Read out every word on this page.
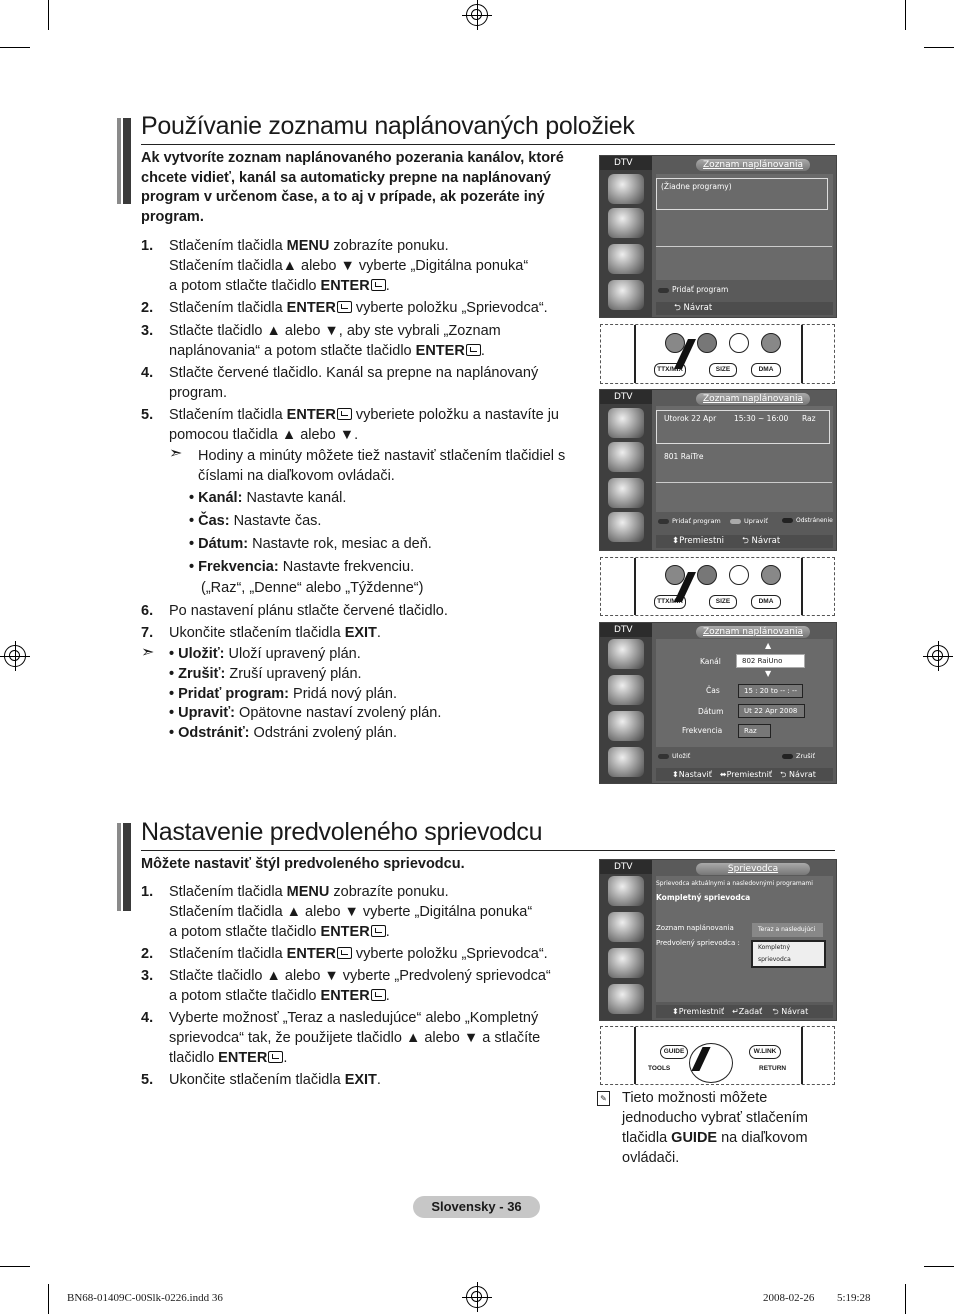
Používanie zoznamu naplánovaných položiek
Ak vytvoríte zoznam naplánovaného pozerania kanálov, ktoré
chcete vidieť, kanál sa automaticky prepne na naplánovaný
program v určenom čase, a to aj v prípade, ak pozeráte iný
program.
1. Stlačením tlačidla MENU zobrazíte ponuku.
Stlačením tlačidla▲ alebo ▼ vyberte „Digitálna ponuka“
a potom stlačte tlačidlo ENTER .
2. Stlačením tlačidla ENTER vyberte položku „Sprievodca“.
3. Stlačte tlačidlo ▲ alebo ▼, aby ste vybrali „Zoznam
naplánovania“ a potom stlačte tlačidlo ENTER .
4. Stlačte červené tlačidlo. Kanál sa prepne na naplánovaný
program.
5. Stlačením tlačidla ENTER vyberiete položku a nastavíte ju
pomocou tlačidla ▲ alebo ▼.
➣ Hodiny a minúty môžete tiež nastaviť stlačením tlačidiel s
číslami na diaľkovom ovládači.
• Kanál: Nastavte kanál.
• Čas: Nastavte čas.
• Dátum: Nastavte rok, mesiac a deň.
• Frekvencia: Nastavte frekvenciu.
(„Raz“, „Denne“ alebo „Týždenne“)
6. Po nastavení plánu stlačte červené tlačidlo.
7. Ukončite stlačením tlačidla EXIT.
➣ • Uložiť: Uloží upravený plán.
• Zrušiť: Zruší upravený plán.
• Pridať program: Pridá nový plán.
• Upraviť: Opätovne nastaví zvolený plán.
• Odstrániť: Odstráni zvolený plán.
DTV	Zoznam naplánovania
(Žiadne programy)
Pridať program
⮌ Návrat
TTX/MIX	SIZE	DMA
DTV	Zoznam naplánovania
Utorok 22 Apr 15:30 ~ 16:00 Raz
801 RaiTre
Pridať program	Upraviť	Odstránenie
⬍Premiestni ⮌ Návrat
TTX/MIX	SIZE	DMA
DTV	Zoznam naplánovania
▲
Kanál	802 RaiUno
▼
Čas	15 : 20 to -- : --
Dátum	Ut 22 Apr 2008
Frekvencia	Raz
Uložiť	Zrušiť
⬍Nastaviť ⬌Premiestniť ⮌ Návrat
Nastavenie predvoleného sprievodcu
Môžete nastaviť štýl predvoleného sprievodcu.
1. Stlačením tlačidla MENU zobrazíte ponuku.
Stlačením tlačidla ▲ alebo ▼ vyberte „Digitálna ponuka“
a potom stlačte tlačidlo ENTER .
2. Stlačením tlačidla ENTER vyberte položku „Sprievodca“.
3. Stlačte tlačidlo ▲ alebo ▼ vyberte „Predvolený sprievodca“
a potom stlačte tlačidlo ENTER .
4. Vyberte možnosť „Teraz a nasledujúce“ alebo „Kompletný
sprievodca“ tak, že použijete tlačidlo ▲ alebo ▼ a stlačíte
tlačidlo ENTER .
5. Ukončite stlačením tlačidla EXIT.
DTV	Sprievodca
Sprievodca aktuálnymi a nasledovnými programami
Kompletný sprievodca
Zoznam naplánovania
Predvolený sprievodca :
Teraz a nasledujúci
Kompletný sprievodca
⬍Premiestniť ↵Zadať ⮌ Návrat
GUIDE	W.LINK
TOOLS	RETURN
✎ Tieto možnosti môžete
jednoducho vybrať stlačením
tlačidla GUIDE na diaľkovom
ovládači.
Slovensky - 36
BN68-01409C-00Slk-0226.indd 36	2008-02-26 ￿￿ 5:19:28
